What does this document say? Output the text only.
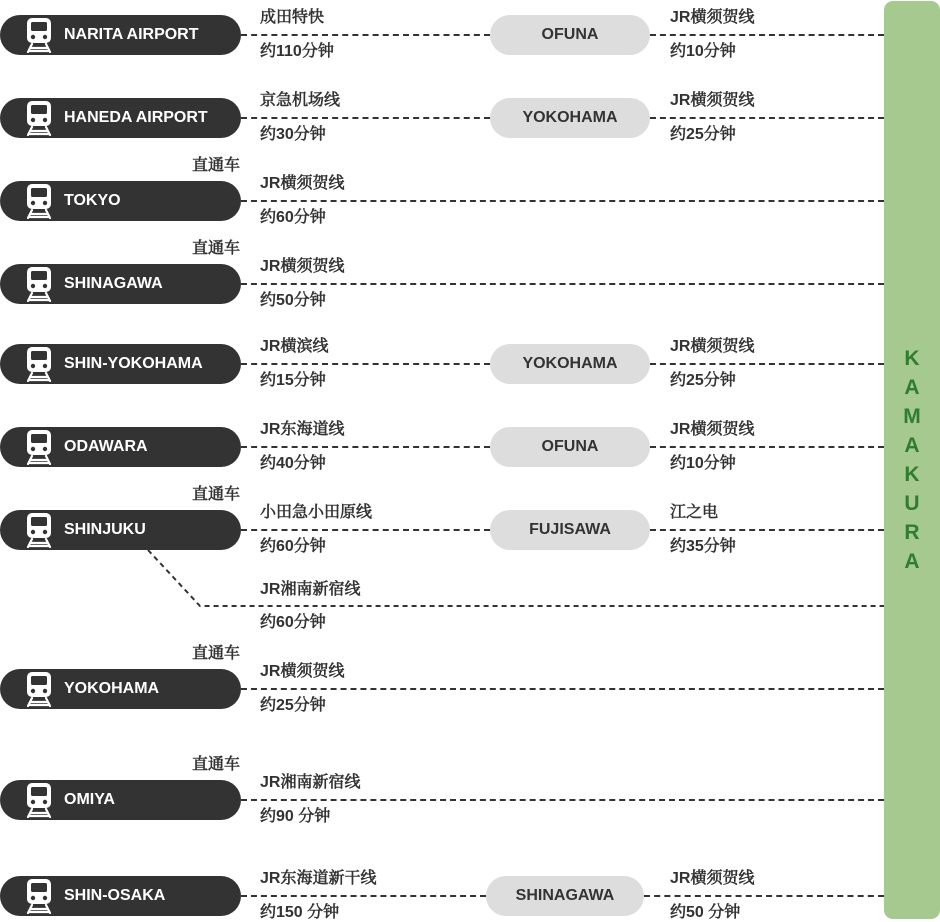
NARITA AIRPORT
成田特快
约110分钟
OFUNA
JR横须贺线
约10分钟
HANEDA AIRPORT
京急机场线
约30分钟
YOKOHAMA
JR横须贺线
约25分钟
TOKYO
直通车
JR横须贺线
约60分钟
SHINAGAWA
直通车
JR横须贺线
约50分钟
SHIN-YOKOHAMA
JR横滨线
约15分钟
YOKOHAMA
JR横须贺线
约25分钟
ODAWARA
JR东海道线
约40分钟
OFUNA
JR横须贺线
约10分钟
SHINJUKU
直通车
小田急小田原线
约60分钟
FUJISAWA
江之电
约35分钟
YOKOHAMA
直通车
JR横须贺线
约25分钟
OMIYA
直通车
JR湘南新宿线
约90 分钟
SHIN-OSAKA
JR东海道新干线
约150 分钟
SHINAGAWA
JR横须贺线
约50 分钟
JR湘南新宿线
约60分钟
K
A
M
A
K
U
R
A
